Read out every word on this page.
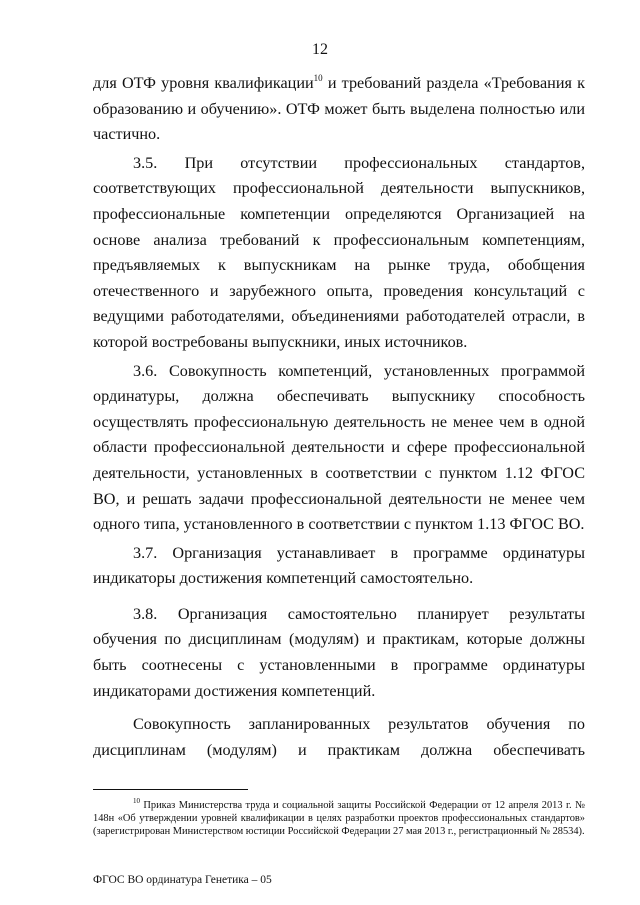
12

для ОТФ уровня квалификации$^{10}$ и требований раздела «Требования к образованию и обучению». ОТФ может быть выделена полностью или частично.

3.5. При отсутствии профессиональных стандартов, соответствующих профессиональной деятельности выпускников, профессиональные компетенции определяются Организацией на основе анализа требований к профессиональным компетенциям, предъявляемых к выпускникам на рынке труда, обобщения отечественного и зарубежного опыта, проведения консультаций с ведущими работодателями, объединениями работодателей отрасли, в которой востребованы выпускники, иных источников.

3.6. Совокупность компетенций, установленных программой ординатуры, должна обеспечивать выпускнику способность осуществлять профессиональную деятельность не менее чем в одной области профессиональной деятельности и сфере профессиональной деятельности, установленных в соответствии с пунктом 1.12 ФГОС ВО, и решать задачи профессиональной деятельности не менее чем одного типа, установленного в соответствии с пунктом 1.13 ФГОС ВО.

3.7. Организация устанавливает в программе ординатуры индикаторы достижения компетенций самостоятельно.

3.8. Организация самостоятельно планирует результаты обучения по дисциплинам (модулям) и практикам, которые должны быть соотнесены с установленными в программе ординатуры индикаторами достижения компетенций.

Совокупность запланированных результатов обучения по дисциплинам (модулям) и практикам должна обеспечивать

$^{10}$ Приказ Министерства труда и социальной защиты Российской Федерации от 12 апреля 2013 г. № 148н «Об утверждении уровней квалификации в целях разработки проектов профессиональных стандартов» (зарегистрирован Министерством юстиции Российской Федерации 27 мая 2013 г., регистрационный № 28534).
ФГОС ВО ординатура Генетика – 05
